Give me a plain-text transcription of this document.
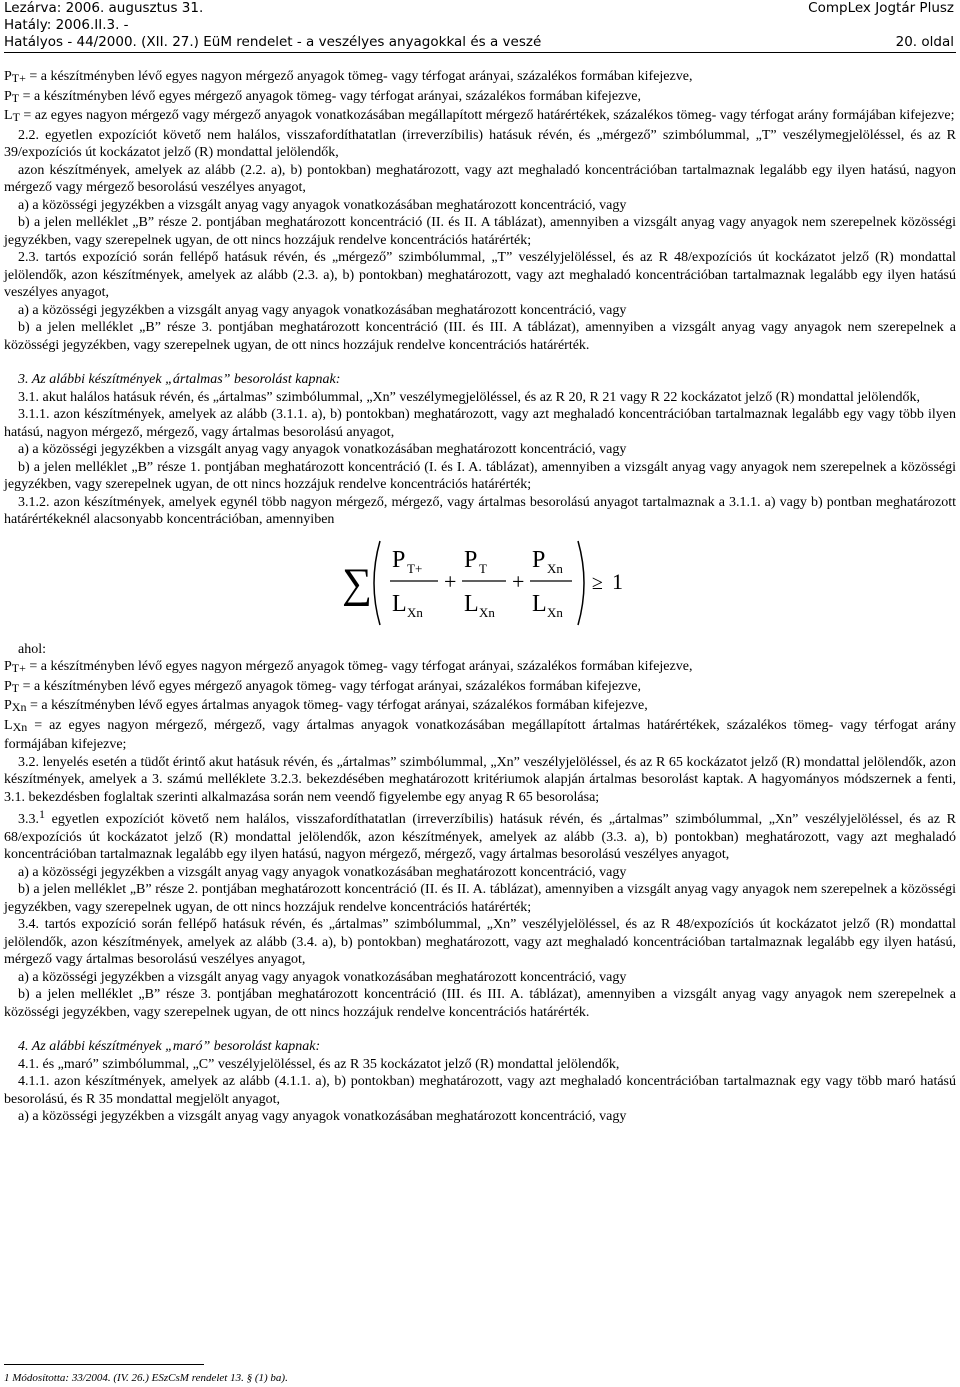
Lezárva: 2006. augusztus 31.
Hatály: 2006.II.3. -
Hatályos - 44/2000. (XII. 27.) EüM rendelet - a veszélyes anyagokkal és a veszé
CompLex Jogtár Plusz
20. oldal

PT+ = a készítményben lévő egyes nagyon mérgező anyagok tömeg- vagy térfogat arányai, százalékos formában kifejezve,

PT = a készítményben lévő egyes mérgező anyagok tömeg- vagy térfogat arányai, százalékos formában kifejezve,

LT = az egyes nagyon mérgező vagy mérgező anyagok vonatkozásában megállapított mérgező határértékek, százalékos tömeg- vagy térfogat arány formájában kifejezve;

2.2. egyetlen expozíciót követő nem halálos, visszafordíthatatlan (irreverzíbilis) hatásuk révén, és „mérgező” szimbólummal, „T” veszélymegjelöléssel, és az R 39/expozíciós út kockázatot jelző (R) mondattal jelölendők,

azon készítmények, amelyek az alább (2.2. a), b) pontokban) meghatározott, vagy azt meghaladó koncentrációban tartalmaznak legalább egy ilyen hatású, nagyon mérgező vagy mérgező besorolású veszélyes anyagot,

a) a közösségi jegyzékben a vizsgált anyag vagy anyagok vonatkozásában meghatározott koncentráció, vagy

b) a jelen melléklet „B” része 2. pontjában meghatározott koncentráció (II. és II. A táblázat), amennyiben a vizsgált anyag vagy anyagok nem szerepelnek közösségi jegyzékben, vagy szerepelnek ugyan, de ott nincs hozzájuk rendelve koncentrációs határérték;

2.3. tartós expozíció során fellépő hatásuk révén, és „mérgező” szimbólummal, „T” veszélyjelöléssel, és az R 48/expozíciós út kockázatot jelző (R) mondattal jelölendők, azon készítmények, amelyek az alább (2.3. a), b) pontokban) meghatározott, vagy azt meghaladó koncentrációban tartalmaznak legalább egy ilyen hatású veszélyes anyagot,

a) a közösségi jegyzékben a vizsgált anyag vagy anyagok vonatkozásában meghatározott koncentráció, vagy

b) a jelen melléklet „B” része 3. pontjában meghatározott koncentráció (III. és III. A táblázat), amennyiben a vizsgált anyag vagy anyagok nem szerepelnek a közösségi jegyzékben, vagy szerepelnek ugyan, de ott nincs hozzájuk rendelve koncentrációs határérték.

3. Az alábbi készítmények „ártalmas” besorolást kapnak:

3.1. akut halálos hatásuk révén, és „ártalmas” szimbólummal, „Xn” veszélymegjelöléssel, és az R 20, R 21 vagy R 22 kockázatot jelző (R) mondattal jelölendők,

3.1.1. azon készítmények, amelyek az alább (3.1.1. a), b) pontokban) meghatározott, vagy azt meghaladó koncentrációban tartalmaznak legalább egy vagy több ilyen hatású, nagyon mérgező, mérgező, vagy ártalmas besorolású anyagot,

a) a közösségi jegyzékben a vizsgált anyag vagy anyagok vonatkozásában meghatározott koncentráció, vagy

b) a jelen melléklet „B” része 1. pontjában meghatározott koncentráció (I. és I. A. táblázat), amennyiben a vizsgált anyag vagy anyagok nem szerepelnek a közösségi jegyzékben, vagy szerepelnek ugyan, de ott nincs hozzájuk rendelve koncentrációs határérték;

3.1.2. azon készítmények, amelyek egynél több nagyon mérgező, mérgező, vagy ártalmas besorolású anyagot tartalmaznak a 3.1.1. a) vagy b) pontban meghatározott határértékeknél alacsonyabb koncentrációban, amennyiben

∑
P T+
L Xn
+
P T
L Xn
+
P Xn
L Xn
≥ 1

ahol:

PT+ = a készítményben lévő egyes nagyon mérgező anyagok tömeg- vagy térfogat arányai, százalékos formában kifejezve,

PT = a készítményben lévő egyes mérgező anyagok tömeg- vagy térfogat arányai, százalékos formában kifejezve,

PXn = a készítményben lévő egyes ártalmas anyagok tömeg- vagy térfogat arányai, százalékos formában kifejezve,

LXn = az egyes nagyon mérgező, mérgező, vagy ártalmas anyagok vonatkozásában megállapított ártalmas határértékek, százalékos tömeg- vagy térfogat arány formájában kifejezve;

3.2. lenyelés esetén a tüdőt érintő akut hatásuk révén, és „ártalmas” szimbólummal, „Xn” veszélyjelöléssel, és az R 65 kockázatot jelző (R) mondattal jelölendők, azon készítmények, amelyek a 3. számú melléklete 3.2.3. bekezdésében meghatározott kritériumok alapján ártalmas besorolást kaptak. A hagyományos módszernek a fenti, 3.1. bekezdésben foglaltak szerinti alkalmazása során nem veendő figyelembe egy anyag R 65 besorolása;

3.3.1 egyetlen expozíciót követő nem halálos, visszafordíthatatlan (irreverzíbilis) hatásuk révén, és „ártalmas” szimbólummal, „Xn” veszélyjelöléssel, és az R 68/expozíciós út kockázatot jelző (R) mondattal jelölendők, azon készítmények, amelyek az alább (3.3. a), b) pontokban) meghatározott, vagy azt meghaladó koncentrációban tartalmaznak legalább egy ilyen hatású, nagyon mérgező, mérgező, vagy ártalmas besorolású veszélyes anyagot,

a) a közösségi jegyzékben a vizsgált anyag vagy anyagok vonatkozásában meghatározott koncentráció, vagy

b) a jelen melléklet „B” része 2. pontjában meghatározott koncentráció (II. és II. A. táblázat), amennyiben a vizsgált anyag vagy anyagok nem szerepelnek a közösségi jegyzékben, vagy szerepelnek ugyan, de ott nincs hozzájuk rendelve koncentrációs határérték;

3.4. tartós expozíció során fellépő hatásuk révén, és „ártalmas” szimbólummal, „Xn” veszélyjelöléssel, és az R 48/expozíciós út kockázatot jelző (R) mondattal jelölendők, azon készítmények, amelyek az alább (3.4. a), b) pontokban) meghatározott, vagy azt meghaladó koncentrációban tartalmaznak legalább egy ilyen hatású, mérgező vagy ártalmas besorolású veszélyes anyagot,

a) a közösségi jegyzékben a vizsgált anyag vagy anyagok vonatkozásában meghatározott koncentráció, vagy

b) a jelen melléklet „B” része 3. pontjában meghatározott koncentráció (III. és III. A. táblázat), amennyiben a vizsgált anyag vagy anyagok nem szerepelnek a közösségi jegyzékben, vagy szerepelnek ugyan, de ott nincs hozzájuk rendelve koncentrációs határérték.

4. Az alábbi készítmények „maró” besorolást kapnak:

4.1. és „maró” szimbólummal, „C” veszélyjelöléssel, és az R 35 kockázatot jelző (R) mondattal jelölendők,

4.1.1. azon készítmények, amelyek az alább (4.1.1. a), b) pontokban) meghatározott, vagy azt meghaladó koncentrációban tartalmaznak egy vagy több maró hatású besorolású, és R 35 mondattal megjelölt anyagot,

a) a közösségi jegyzékben a vizsgált anyag vagy anyagok vonatkozásában meghatározott koncentráció, vagy

1 Módosította: 33/2004. (IV. 26.) ESzCsM rendelet 13. § (1) ba).
